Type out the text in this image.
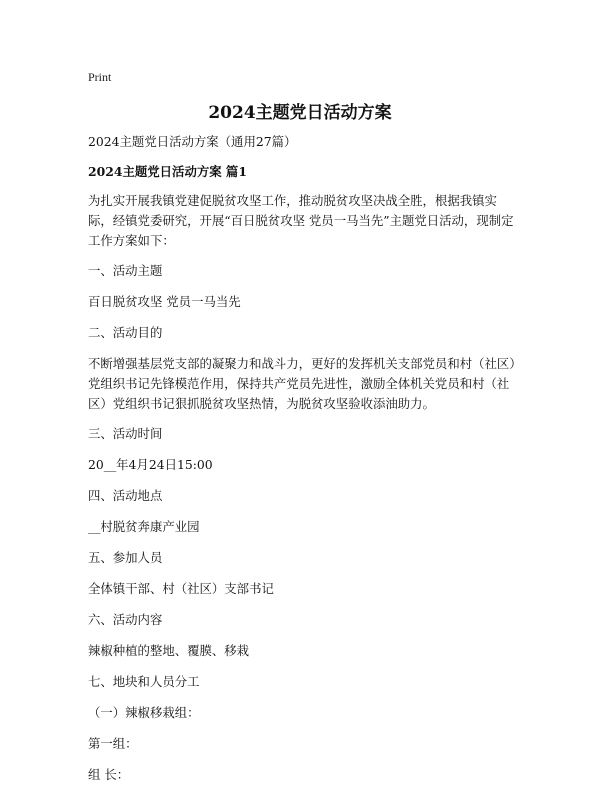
Print
2024主题党日活动方案

2024主题党日活动方案（通用27篇）

2024主题党日活动方案 篇1

为扎实开展我镇党建促脱贫攻坚工作，推动脱贫攻坚决战全胜，根据我镇实际，经镇党委研究，开展“百日脱贫攻坚 党员一马当先”主题党日活动，现制定工作方案如下：

一、活动主题

百日脱贫攻坚 党员一马当先

二、活动目的

不断增强基层党支部的凝聚力和战斗力，更好的发挥机关支部党员和村（社区）党组织书记先锋模范作用，保持共产党员先进性，激励全体机关党员和村（社区）党组织书记狠抓脱贫攻坚热情，为脱贫攻坚验收添油助力。

三、活动时间

20__年4月24日15:00

四、活动地点

__村脱贫奔康产业园

五、参加人员

全体镇干部、村（社区）支部书记

六、活动内容

辣椒种植的整地、覆膜、移栽

七、地块和人员分工

（一）辣椒移栽组：

第一组：

组 长：
